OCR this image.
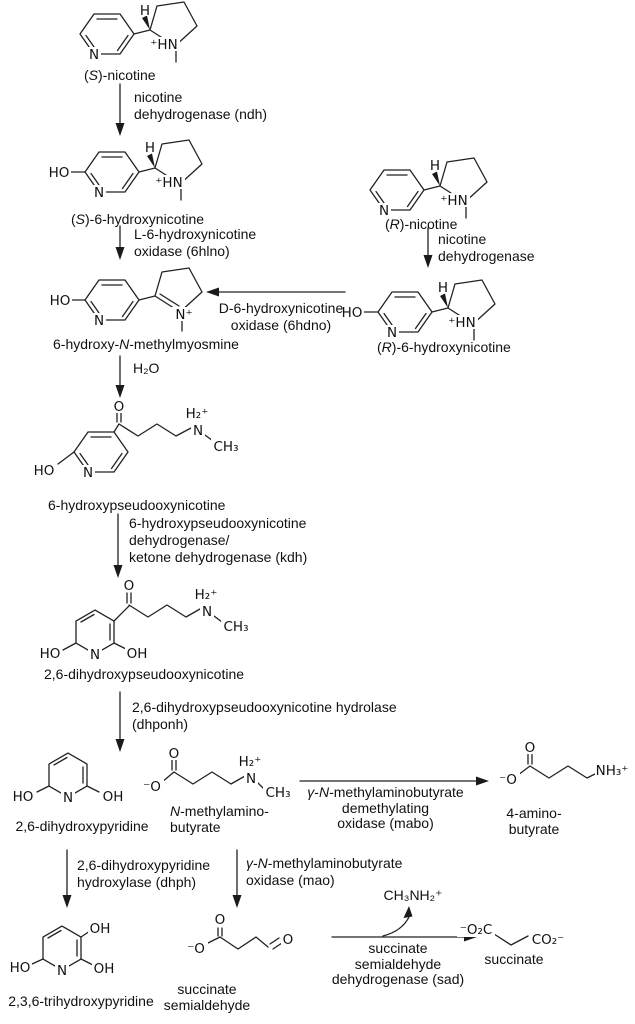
N
H
⁺HN
HO
N
H
⁺HN
HO
N	N⁺
N
H
⁺HN
HO
N
H
⁺HN
HO N
O	H₂⁺
N
CH₃
N
HO	OH
O
H₂⁺
N
CH₃
N
HO	OH
⁻O
O	H₂⁺
N
CH₃
⁻O
O
NH₃⁺
N
OH
HO	OH
⁻O
O
O
⁻O₂C
CO₂⁻
(S)-nicotine
(S)-6-hydroxynicotine
6-hydroxy-N-methylmyosmine
(R)-nicotine
(R)-6-hydroxynicotine
6-hydroxypseudooxynicotine
2,6-dihydroxypseudooxynicotine
2,6-dihydroxypyridine
N-methylamino-
butyrate
4-amino-
butyrate
2,3,6-trihydroxypyridine
succinate
semialdehyde
succinate
CH₃NH₂⁺
nicotine
dehydrogenase (ndh)
L-6-hydroxynicotine
oxidase (6hlno)
D-6-hydroxynicotine
oxidase (6hdno)
nicotine
dehydrogenase
H₂O
6-hydroxypseudooxynicotine
dehydrogenase/
ketone dehydrogenase (kdh)
2,6-dihydroxypseudooxynicotine hydrolase
(dhponh)
γ-N-methylaminobutyrate
demethylating
oxidase (mabo)
2,6-dihydroxypyridine
hydroxylase (dhph)
γ-N-methylaminobutyrate
oxidase (mao)
succinate
semialdehyde
dehydrogenase (sad)
